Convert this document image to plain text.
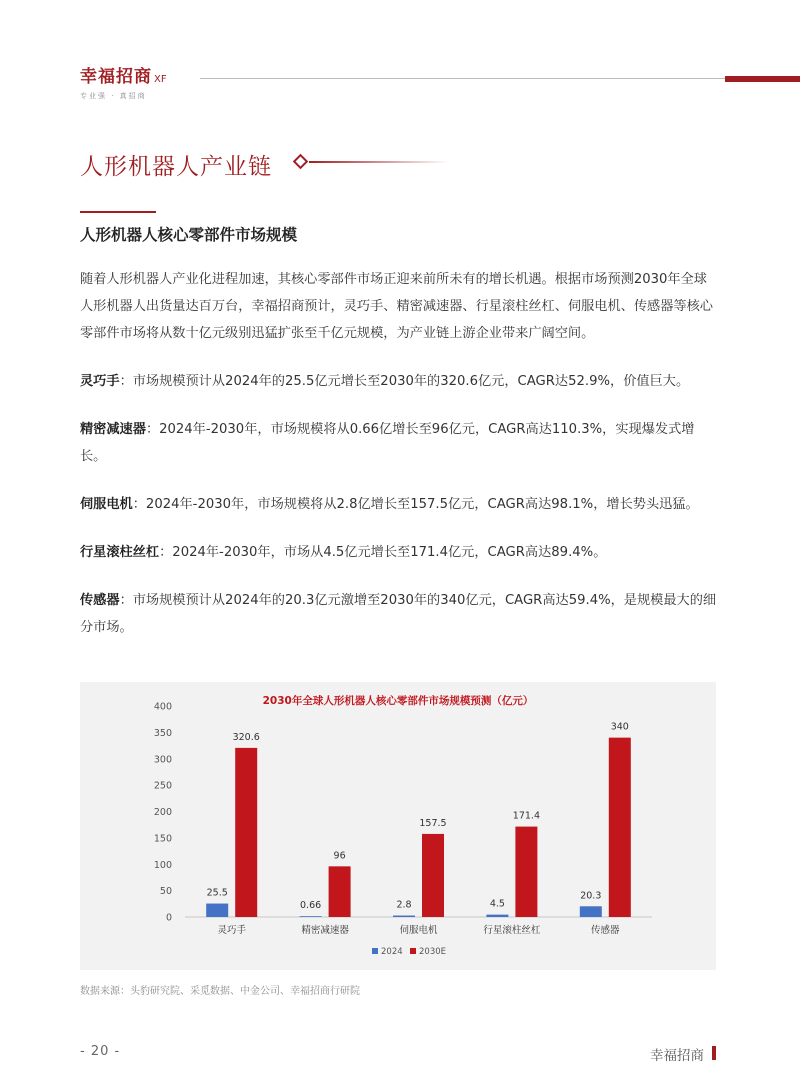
幸福招商 XF
专业强 · 真招商
人形机器人产业链
人形机器人核心零部件市场规模

随着人形机器人产业化进程加速，其核心零部件市场正迎来前所未有的增长机遇。根据市场预测2030年全球人形机器人出货量达百万台，幸福招商预计，灵巧手、精密减速器、行星滚柱丝杠、伺服电机、传感器等核心零部件市场将从数十亿元级别迅猛扩张至千亿元规模，为产业链上游企业带来广阔空间。

灵巧手：市场规模预计从2024年的25.5亿元增长至2030年的320.6亿元，CAGR达52.9%，价值巨大。

精密减速器：2024年-2030年，市场规模将从0.66亿增长至96亿元，CAGR高达110.3%，实现爆发式增长。

伺服电机：2024年-2030年，市场规模将从2.8亿增长至157.5亿元，CAGR高达98.1%，增长势头迅猛。

行星滚柱丝杠：2024年-2030年，市场从4.5亿元增长至171.4亿元，CAGR高达89.4%。

传感器：市场规模预计从2024年的20.3亿元激增至2030年的340亿元，CAGR高达59.4%，是规模最大的细分市场。

2030年全球人形机器人核心零部件市场规模预测（亿元）
0
50
100
150
200
250
300
350
400
25.5
320.6
灵巧手
0.66
96
精密减速器
2.8
157.5
伺服电机
4.5
171.4
行星滚柱丝杠
20.3
340
传感器
2024 2030E
数据来源：头豹研究院、采觅数据、中金公司、幸福招商行研院
- 20 -	幸福招商
